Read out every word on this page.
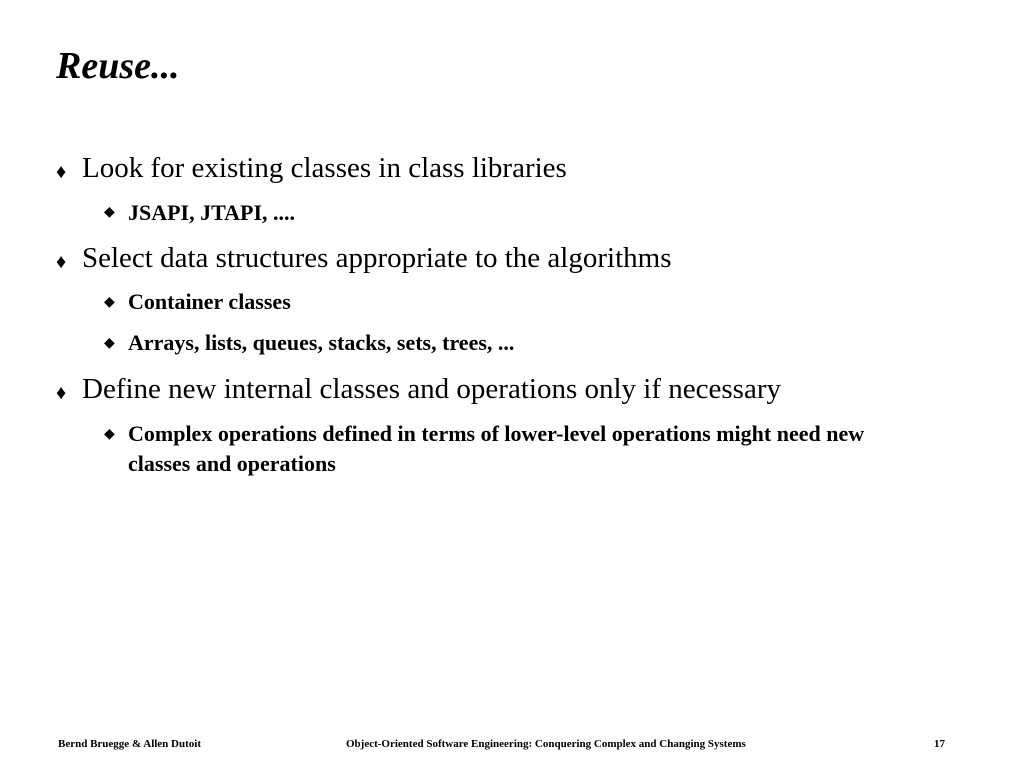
Reuse...
♦ Look for existing classes in class libraries
◆ JSAPI, JTAPI, ....
♦ Select data structures appropriate to the algorithms
◆ Container classes
◆ Arrays, lists, queues, stacks, sets, trees, ...
♦ Define new internal classes and operations only if necessary
◆ Complex operations defined in terms of lower-level operations might need new classes and operations
Bernd Bruegge & Allen Dutoit	Object-Oriented Software Engineering: Conquering Complex and Changing Systems	17
